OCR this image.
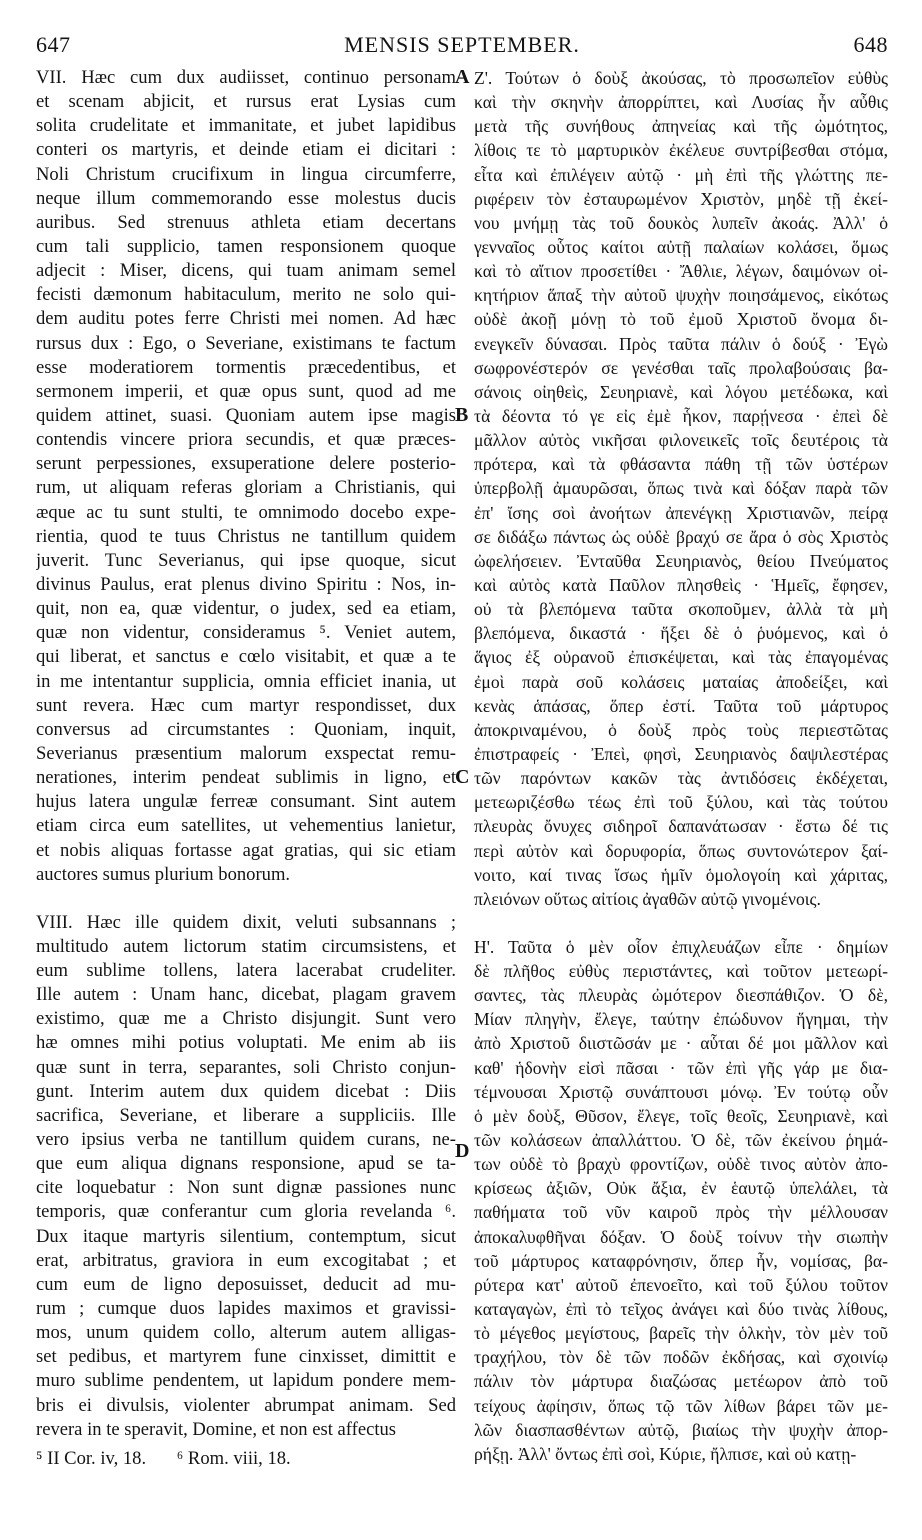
647	MENSIS SEPTEMBER.	648
VII. Hæc cum dux audiisset, continuo personam
et scenam abjicit, et rursus erat Lysias cum
solita crudelitate et immanitate, et jubet lapidibus
conteri os martyris, et deinde etiam ei dicitari :
Noli Christum crucifixum in lingua circumferre,
neque illum commemorando esse molestus ducis
auribus. Sed strenuus athleta etiam decertans
cum tali supplicio, tamen responsionem quoque
adjecit : Miser, dicens, qui tuam animam semel
fecisti dæmonum habitaculum, merito ne solo qui-
dem auditu potes ferre Christi mei nomen. Ad hæc
rursus dux : Ego, o Severiane, existimans te factum
esse moderatiorem tormentis præcedentibus, et
sermonem imperii, et quæ opus sunt, quod ad me
quidem attinet, suasi. Quoniam autem ipse magis
contendis vincere priora secundis, et quæ præces-
serunt perpessiones, exsuperatione delere posterio-
rum, ut aliquam referas gloriam a Christianis, qui
æque ac tu sunt stulti, te omnimodo docebo expe-
rientia, quod te tuus Christus ne tantillum quidem
juverit. Tunc Severianus, qui ipse quoque, sicut
divinus Paulus, erat plenus divino Spiritu : Nos, in-
quit, non ea, quæ videntur, o judex, sed ea etiam,
quæ non videntur, consideramus ⁵. Veniet autem,
qui liberat, et sanctus e cœlo visitabit, et quæ a te
in me intentantur supplicia, omnia efficiet inania, ut
sunt revera. Hæc cum martyr respondisset, dux
conversus ad circumstantes : Quoniam, inquit,
Severianus præsentium malorum exspectat remu-
nerationes, interim pendeat sublimis in ligno, et
hujus latera ungulæ ferreæ consumant. Sint autem
etiam circa eum satellites, ut vehementius lanietur,
et nobis aliquas fortasse agat gratias, qui sic etiam
auctores sumus plurium bonorum.
VIII. Hæc ille quidem dixit, veluti subsannans ;
multitudo autem lictorum statim circumsistens, et
eum sublime tollens, latera lacerabat crudeliter.
Ille autem : Unam hanc, dicebat, plagam gravem
existimo, quæ me a Christo disjungit. Sunt vero
hæ omnes mihi potius voluptati. Me enim ab iis
quæ sunt in terra, separantes, soli Christo conjun-
gunt. Interim autem dux quidem dicebat : Diis
sacrifica, Severiane, et liberare a suppliciis. Ille
vero ipsius verba ne tantillum quidem curans, ne-
que eum aliqua dignans responsione, apud se ta-
cite loquebatur : Non sunt dignæ passiones nunc
temporis, quæ conferantur cum gloria revelanda ⁶.
Dux itaque martyris silentium, contemptum, sicut
erat, arbitratus, graviora in eum excogitabat ; et
cum eum de ligno deposuisset, deducit ad mu-
rum ; cumque duos lapides maximos et gravissi-
mos, unum quidem collo, alterum autem alligas-
set pedibus, et martyrem fune cinxisset, dimittit e
muro sublime pendentem, ut lapidum pondere mem-
bris ei divulsis, violenter abrumpat animam. Sed
revera in te speravit, Domine, et non est affectus
Ζ'. Τούτων ὁ δοὺξ ἀκούσας, τὸ προσωπεῖον εὐθὺς
καὶ τὴν σκηνὴν ἀπορρίπτει, καὶ Λυσίας ἦν αὖθις
μετὰ τῆς συνήθους ἀπηνείας καὶ τῆς ὠμότητος,
λίθοις τε τὸ μαρτυρικὸν ἐκέλευε συντρίβεσθαι στόμα,
εἶτα καὶ ἐπιλέγειν αὐτῷ · μὴ ἐπὶ τῆς γλώττης πε-
ριφέρειν τὸν ἐσταυρωμένον Χριστὸν, μηδὲ τῇ ἐκεί-
νου μνήμῃ τὰς τοῦ δουκὸς λυπεῖν ἀκοάς. Ἀλλ' ὁ
γενναῖος οὗτος καίτοι αὐτῇ παλαίων κολάσει, ὅμως
καὶ τὸ αἴτιον προσετίθει · Ἄθλιε, λέγων, δαιμόνων οἰ-
κητήριον ἅπαξ τὴν αὐτοῦ ψυχὴν ποιησάμενος, εἰκότως
οὐδὲ ἀκοῇ μόνῃ τὸ τοῦ ἐμοῦ Χριστοῦ ὄνομα δι-
ενεγκεῖν δύνασαι. Πρὸς ταῦτα πάλιν ὁ δούξ · Ἐγὼ
σωφρονέστερόν σε γενέσθαι ταῖς προλαβούσαις βα-
σάνοις οἰηθεὶς, Σευηριανὲ, καὶ λόγου μετέδωκα, καὶ
τὰ δέοντα τό γε εἰς ἐμὲ ἧκον, παρῄνεσα · ἐπεὶ δὲ
μᾶλλον αὐτὸς νικῆσαι φιλονεικεῖς τοῖς δευτέροις τὰ
πρότερα, καὶ τὰ φθάσαντα πάθη τῇ τῶν ὑστέρων
ὑπερβολῇ ἀμαυρῶσαι, ὅπως τινὰ καὶ δόξαν παρὰ τῶν
ἐπ' ἴσης σοὶ ἀνοήτων ἀπενέγκῃ Χριστιανῶν, πείρᾳ
σε διδάξω πάντως ὡς οὐδὲ βραχύ σε ἄρα ὁ σὸς Χριστὸς
ὠφελήσειεν. Ἐνταῦθα Σευηριανὸς, θείου Πνεύματος
καὶ αὐτὸς κατὰ Παῦλον πλησθεὶς · Ἡμεῖς, ἔφησεν,
οὐ τὰ βλεπόμενα ταῦτα σκοποῦμεν, ἀλλὰ τὰ μὴ
βλεπόμενα, δικαστά · ἥξει δὲ ὁ ῥυόμενος, καὶ ὁ
ἅγιος ἐξ οὐρανοῦ ἐπισκέψεται, καὶ τὰς ἐπαγομένας
ἐμοὶ παρὰ σοῦ κολάσεις ματαίας ἀποδείξει, καὶ
κενὰς ἁπάσας, ὅπερ ἐστί. Ταῦτα τοῦ μάρτυρος
ἀποκριναμένου, ὁ δοὺξ πρὸς τοὺς περιεστῶτας
ἐπιστραφείς · Ἐπεὶ, φησὶ, Σευηριανὸς δαψιλεστέρας
τῶν παρόντων κακῶν τὰς ἀντιδόσεις ἐκδέχεται,
μετεωριζέσθω τέως ἐπὶ τοῦ ξύλου, καὶ τὰς τούτου
πλευρὰς ὄνυχες σιδηροῖ δαπανάτωσαν · ἔστω δέ τις
περὶ αὐτὸν καὶ δορυφορία, ὅπως συντονώτερον ξαί-
νοιτο, καί τινας ἴσως ἡμῖν ὁμολογοίη καὶ χάριτας,
πλειόνων οὕτως αἰτίοις ἀγαθῶν αὐτῷ γινομένοις.
Η'. Ταῦτα ὁ μὲν οἷον ἐπιχλευάζων εἶπε · δημίων
δὲ πλῆθος εὐθὺς περιστάντες, καὶ τοῦτον μετεωρί-
σαντες, τὰς πλευρὰς ὠμότερον διεσπάθιζον. Ὁ δὲ,
Μίαν πληγὴν, ἔλεγε, ταύτην ἐπώδυνον ἥγημαι, τὴν
ἀπὸ Χριστοῦ διιστῶσάν με · αὗται δέ μοι μᾶλλον καὶ
καθ' ἡδονὴν εἰσὶ πᾶσαι · τῶν ἐπὶ γῆς γάρ με δια-
τέμνουσαι Χριστῷ συνάπτουσι μόνῳ. Ἐν τούτῳ οὖν
ὁ μὲν δοὺξ, Θῦσον, ἔλεγε, τοῖς θεοῖς, Σευηριανὲ, καὶ
τῶν κολάσεων ἀπαλλάττου. Ὁ δὲ, τῶν ἐκείνου ῥημά-
των οὐδὲ τὸ βραχὺ φροντίζων, οὐδὲ τινος αὐτὸν ἀπο-
κρίσεως ἀξιῶν, Οὐκ ἄξια, ἐν ἑαυτῷ ὑπελάλει, τὰ
παθήματα τοῦ νῦν καιροῦ πρὸς τὴν μέλλουσαν
ἀποκαλυφθῆναι δόξαν. Ὁ δοὺξ τοίνυν τὴν σιωπὴν
τοῦ μάρτυρος καταφρόνησιν, ὅπερ ἦν, νομίσας, βα-
ρύτερα κατ' αὐτοῦ ἐπενοεῖτο, καὶ τοῦ ξύλου τοῦτον
καταγαγὼν, ἐπὶ τὸ τεῖχος ἀνάγει καὶ δύο τινὰς λίθους,
τὸ μέγεθος μεγίστους, βαρεῖς τὴν ὁλκὴν, τὸν μὲν τοῦ
τραχήλου, τὸν δὲ τῶν ποδῶν ἐκδήσας, καὶ σχοινίῳ
πάλιν τὸν μάρτυρα διαζώσας μετέωρον ἀπὸ τοῦ
τείχους ἀφίησιν, ὅπως τῷ τῶν λίθων βάρει τῶν με-
λῶν διασπασθέντων αὐτῷ, βιαίως τὴν ψυχὴν ἀπορ-
ρήξῃ. Ἀλλ' ὄντως ἐπὶ σοὶ, Κύριε, ἤλπισε, καὶ οὐ κατῃ-
A
B
C
D
⁵ II Cor. iv, 18. ⁶ Rom. viii, 18.
